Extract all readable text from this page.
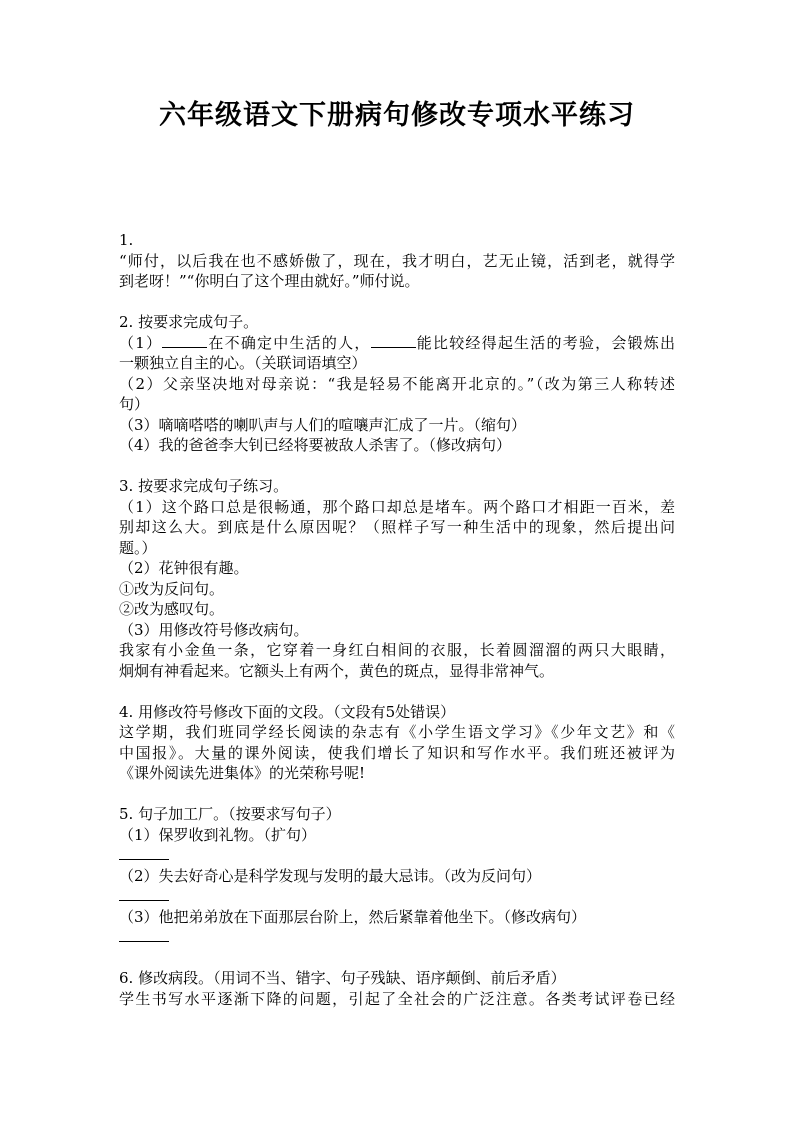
六年级语文下册病句修改专项水平练习
1.
“师付，以后我在也不感娇傲了，现在，我才明白，艺无止镜，活到老，就得学
到老呀！”“你明白了这个理由就好。”师付说。
2. 按要求完成句子。
（1）	在不确定中生活的人，	能比较经得起生活的考验，会锻炼出
一颗独立自主的心。（关联词语填空）
（2）父亲坚决地对母亲说：“我是轻易不能离开北京的。”（改为第三人称转述
句）
（3）嘀嘀嗒嗒的喇叭声与人们的喧嚷声汇成了一片。（缩句）
（4）我的爸爸李大钊已经将要被敌人杀害了。（修改病句）
3. 按要求完成句子练习。
（1）这个路口总是很畅通，那个路口却总是堵车。两个路口才相距一百米，差
别却这么大。到底是什么原因呢？（照样子写一种生活中的现象，然后提出问
题。）
（2）花钟很有趣。
①改为反问句。
②改为感叹句。
（3）用修改符号修改病句。
我家有小金鱼一条，它穿着一身红白相间的衣服，长着圆溜溜的两只大眼睛，
炯炯有神看起来。它额头上有两个，黄色的斑点，显得非常神气。
4. 用修改符号修改下面的文段。（文段有5处错误）
这学期，我们班同学经长阅读的杂志有《小学生语文学习》《少年文艺》和《
中国报》。大量的课外阅读，使我们增长了知识和写作水平。我们班还被评为
《课外阅读先进集体》的光荣称号呢!
5. 句子加工厂。（按要求写句子）
（1）保罗收到礼物。（扩句）
（2）失去好奇心是科学发现与发明的最大忌讳。（改为反问句）
（3）他把弟弟放在下面那层台阶上，然后紧靠着他坐下。（修改病句）
6. 修改病段。（用词不当、错字、句子残缺、语序颠倒、前后矛盾）
学生书写水平逐渐下降的问题，引起了全社会的广泛注意。各类考试评卷已经
